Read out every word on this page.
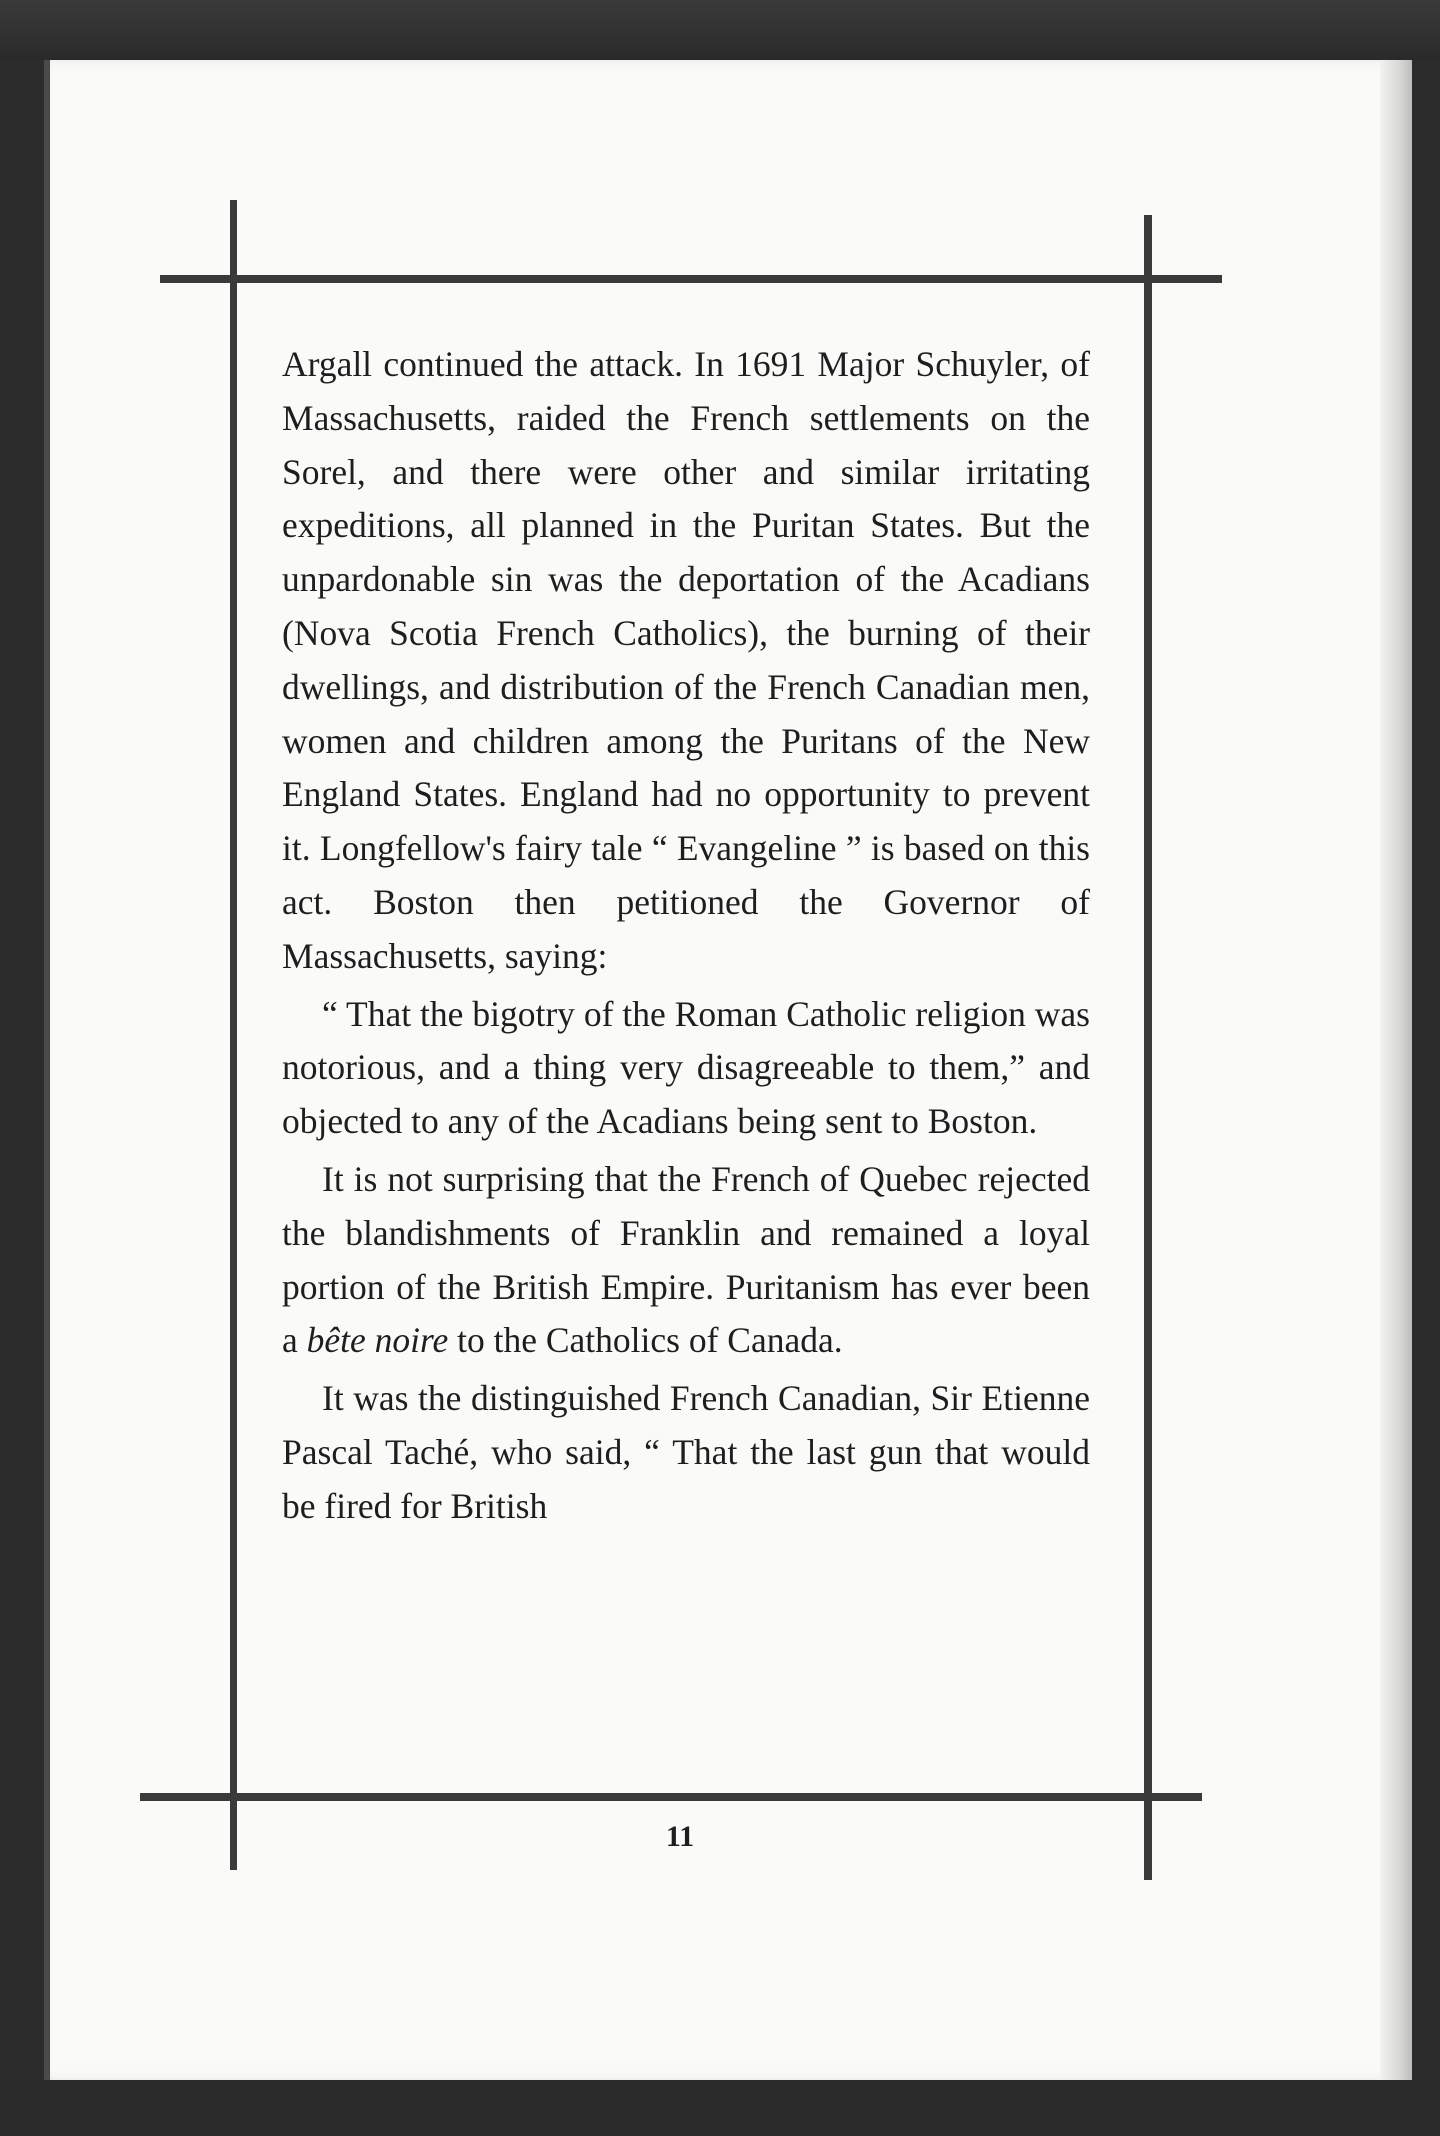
Argall continued the attack. In 1691 Major Schuyler, of Massachusetts, raided the French settlements on the Sorel, and there were other and similar irritating expeditions, all planned in the Puritan States. But the unpardonable sin was the deportation of the Acadians (Nova Scotia French Catholics), the burning of their dwellings, and distribution of the French Canadian men, women and children among the Puritans of the New England States. England had no opportunity to prevent it. Longfellow's fairy tale “ Evangeline ” is based on this act. Boston then petitioned the Governor of Massachusetts, saying:

“ That the bigotry of the Roman Catholic religion was notorious, and a thing very disagreeable to them,” and objected to any of the Acadians being sent to Boston.

It is not surprising that the French of Quebec rejected the blandishments of Franklin and remained a loyal portion of the British Empire. Puritanism has ever been a bête noire to the Catholics of Canada.

It was the distinguished French Canadian, Sir Etienne Pascal Taché, who said, “ That the last gun that would be fired for British

11
